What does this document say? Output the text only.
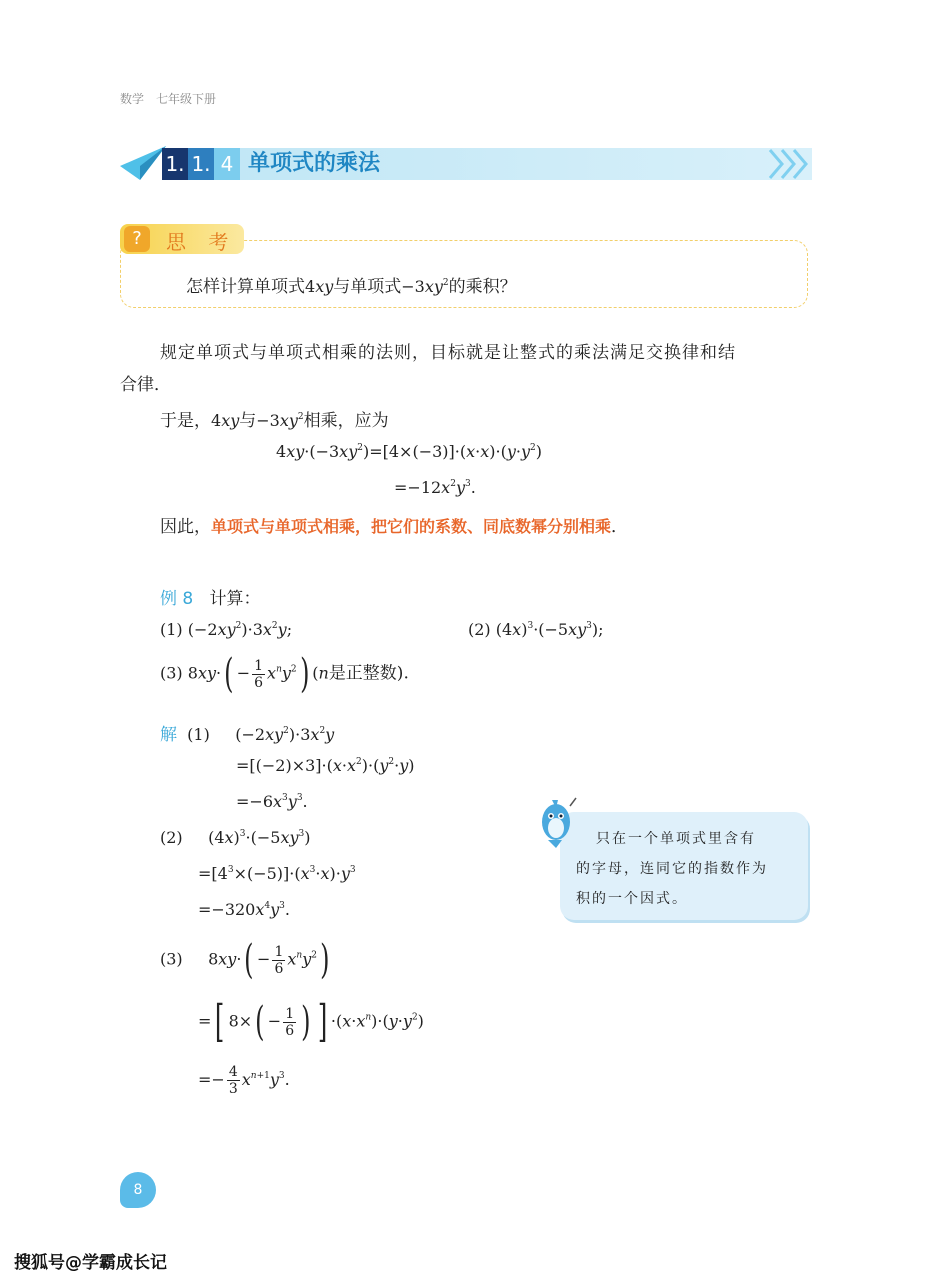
数学　七年级下册
1. 1. 4 单项式的乘法
?	思 考
怎样计算单项式4xy与单项式$-3xy^2$的乘积？
规定单项式与单项式相乘的法则，目标就是让整式的乘法满足交换律和结
合律．
于是，4xy与$-3xy^2$相乘，应为
$4xy\cdot(-3xy^2)=[4\times(-3)]\cdot(x\cdot x)\cdot(y\cdot y^2)$
$=-12x^2y^3$.
因此，单项式与单项式相乘，把它们的系数、同底数幂分别相乘．
例 8 计算：
(1) $(-2xy^2)\cdot 3x^2y$;	(2) $(4x)^3\cdot(-5xy^3)$;
(3) $8xy\cdot( - \frac{1}{6} x^ny^2)$ (n是正整数).
解  (1)     $(-2xy^2)\cdot 3x^2y$
$=[(-2)\times 3]\cdot(x\cdot x^2)\cdot(y^2\cdot y)$
$=-6x^3y^3$.
(2)     $(4x)^3\cdot(-5xy^3)$
$=[4^3\times(-5)]\cdot(x^3\cdot x)\cdot y^3$
$=-320x^4y^3$.
(3)     $8xy\cdot( - \frac{1}{6} x^ny^2)$
=[ $8\times( - \frac{1}{6}$ ) ] $\cdot(x\cdot x^n)\cdot(y\cdot y^2)$
=− $\frac{4}{3} x^{n+1}y^3$.
只在一个单项式里含有
的字母，连同它的指数作为
积的一个因式。
8
搜狐号@学霸成长记
